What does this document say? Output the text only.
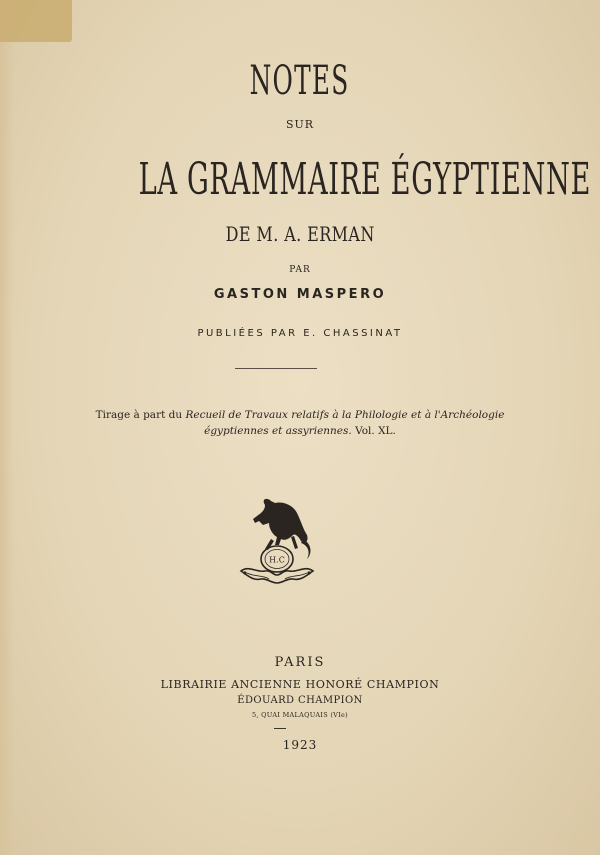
NOTES
SUR
LA GRAMMAIRE ÉGYPTIENNE
DE M. A. ERMAN
PAR
GASTON MASPERO
PUBLIÉES PAR E. CHASSINAT
Tirage à part du Recueil de Travaux relatifs à la Philologie et à l'Archéologie égyptiennes et assyriennes. Vol. XL.
H.C
PARIS
LIBRAIRIE ANCIENNE HONORÉ CHAMPION
ÉDOUARD CHAMPION
5, QUAI MALAQUAIS (VIe)
1923
